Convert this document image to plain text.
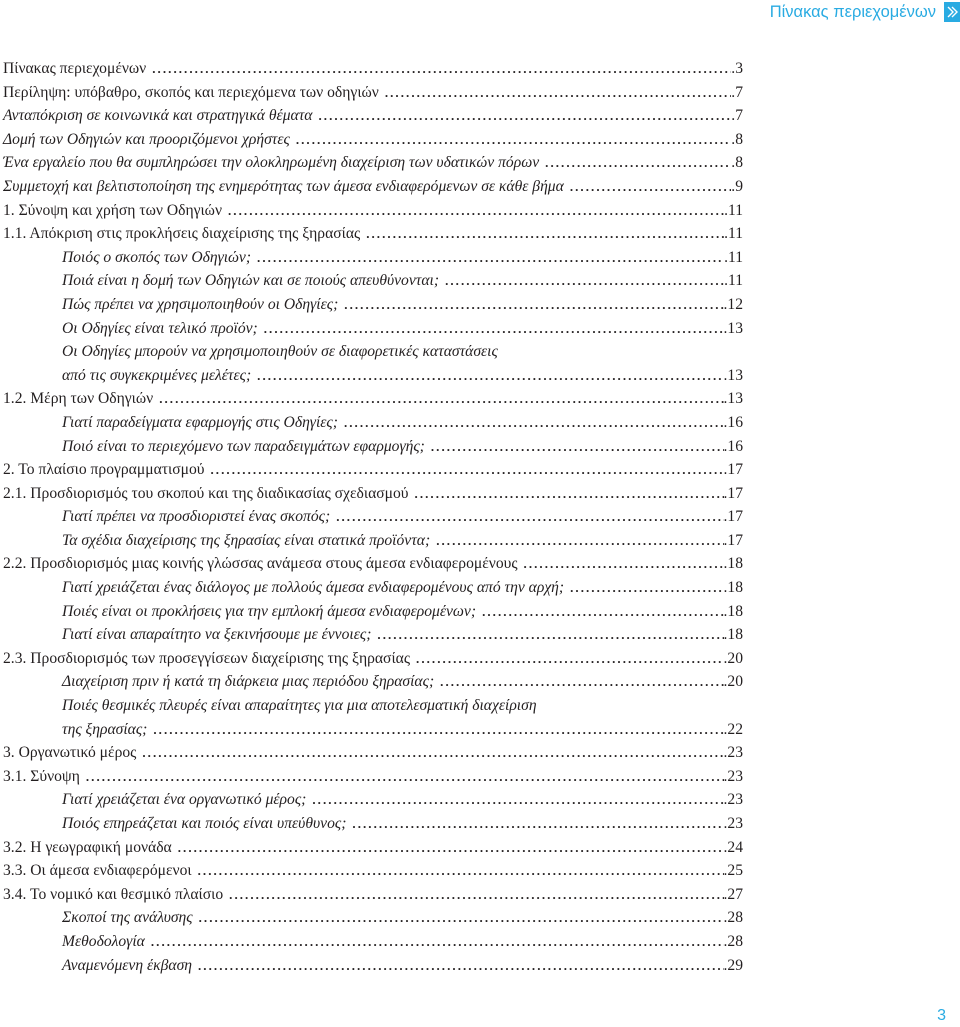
Πίνακας περιεχομένων
Πίνακας περιεχομένων . . .	.3
Περίληψη: υπόβαθρο, σκοπός και περιεχόμενα των οδηγιών . . .	.7
Ανταπόκριση σε κοινωνικά και στρατηγικά θέματα . . .	.7
Δομή των Οδηγιών και προοριζόμενοι χρήστες . . .	.8
Ένα εργαλείο που θα συμπληρώσει την ολοκληρωμένη διαχείριση των υδατικών πόρων . . .	.8
Συμμετοχή και βελτιστοποίηση της ενημερότητας των άμεσα ενδιαφερόμενων σε κάθε βήμα . . .	.9
1. Σύνοψη και χρήση των Οδηγιών . . .	.11
1.1. Απόκριση στις προκλήσεις διαχείρισης της ξηρασίας . . .	.11
Ποιός ο σκοπός των Οδηγιών; . . .	.11
Ποιά είναι η δομή των Οδηγιών και σε ποιούς απευθύνονται; . . .	.11
Πώς πρέπει να χρησιμοποιηθούν οι Οδηγίες; . . .	.12
Οι Οδηγίες είναι τελικό προϊόν; . . .	.13
Οι Οδηγίες μπορούν να χρησιμοποιηθούν σε διαφορετικές καταστάσεις
από τις συγκεκριμένες μελέτες; . . .	.13
1.2. Μέρη των Οδηγιών . . .	.13
Γιατί παραδείγματα εφαρμογής στις Οδηγίες; . . .	.16
Ποιό είναι το περιεχόμενο των παραδειγμάτων εφαρμογής; . . .	.16
2. Το πλαίσιο προγραμματισμού . . .	.17
2.1. Προσδιορισμός του σκοπού και της διαδικασίας σχεδιασμού . . .	.17
Γιατί πρέπει να προσδιοριστεί ένας σκοπός; . . .	.17
Τα σχέδια διαχείρισης της ξηρασίας είναι στατικά προϊόντα; . . .	.17
2.2. Προσδιορισμός μιας κοινής γλώσσας ανάμεσα στους άμεσα ενδιαφερομένους . . .	.18
Γιατί χρειάζεται ένας διάλογος με πολλούς άμεσα ενδιαφερομένους από την αρχή; . . .	.18
Ποιές είναι οι προκλήσεις για την εμπλοκή άμεσα ενδιαφερομένων; . . .	.18
Γιατί είναι απαραίτητο να ξεκινήσουμε με έννοιες; . . .	.18
2.3. Προσδιορισμός των προσεγγίσεων διαχείρισης της ξηρασίας . . .	.20
Διαχείριση πριν ή κατά τη διάρκεια μιας περιόδου ξηρασίας; . . .	.20
Ποιές θεσμικές πλευρές είναι απαραίτητες για μια αποτελεσματική διαχείριση
της ξηρασίας; . . .	.22
3. Οργανωτικό μέρος . . .	.23
3.1. Σύνοψη . . .	.23
Γιατί χρειάζεται ένα οργανωτικό μέρος; . . .	.23
Ποιός επηρεάζεται και ποιός είναι υπεύθυνος; . . .	.23
3.2. Η γεωγραφική μονάδα . . .	.24
3.3. Οι άμεσα ενδιαφερόμενοι . . .	.25
3.4. Το νομικό και θεσμικό πλαίσιο . . .	.27
Σκοποί της ανάλυσης . . .	.28
Μεθοδολογία . . .	.28
Αναμενόμενη έκβαση . . .	.29
3
